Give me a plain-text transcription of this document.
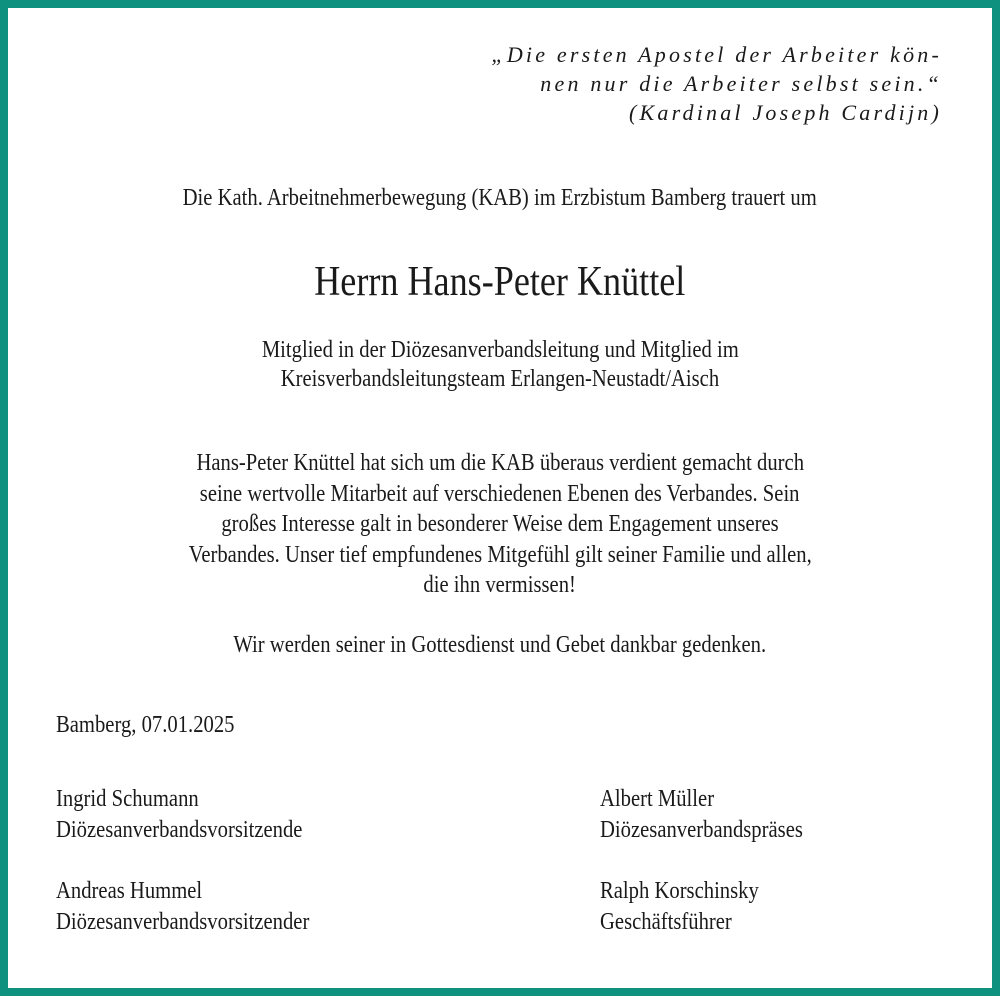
„Die ersten Apostel der Arbeiter kön-
nen nur die Arbeiter selbst sein.“
(Kardinal Joseph Cardijn)
Die Kath. Arbeitnehmerbewegung (KAB) im Erzbistum Bamberg trauert um
Herrn Hans-Peter Knüttel
Mitglied in der Diözesanverbandsleitung und Mitglied im
Kreisverbandsleitungsteam Erlangen-Neustadt/Aisch
Hans-Peter Knüttel hat sich um die KAB überaus verdient gemacht durch
seine wertvolle Mitarbeit auf verschiedenen Ebenen des Verbandes. Sein
großes Interesse galt in besonderer Weise dem Engagement unseres
Verbandes. Unser tief empfundenes Mitgefühl gilt seiner Familie und allen,
die ihn vermissen!
Wir werden seiner in Gottesdienst und Gebet dankbar gedenken.
Bamberg, 07.01.2025
Ingrid Schumann
Diözesanverbandsvorsitzende
Albert Müller
Diözesanverbandspräses
Andreas Hummel
Diözesanverbandsvorsitzender
Ralph Korschinsky
Geschäftsführer
